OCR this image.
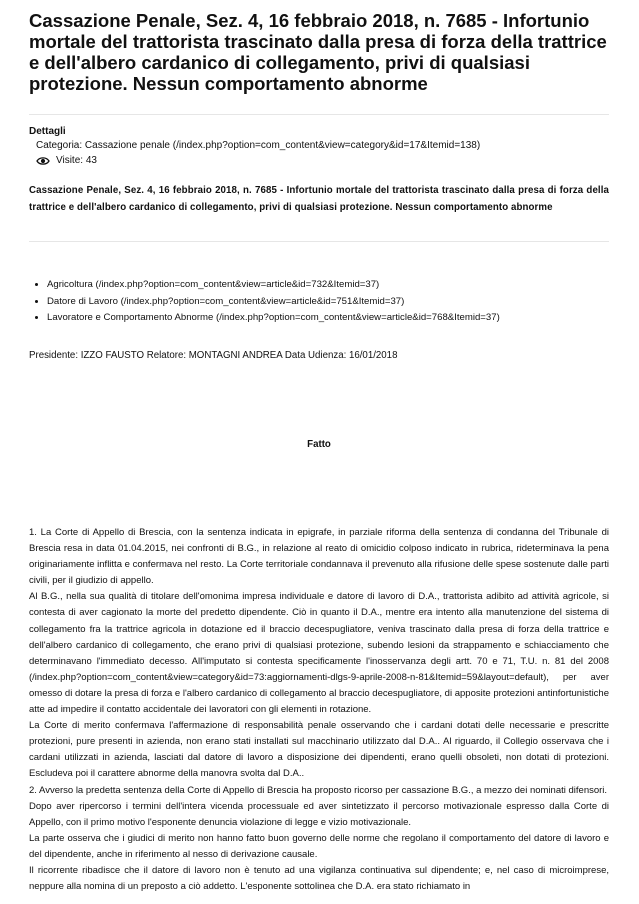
Cassazione Penale, Sez. 4, 16 febbraio 2018, n. 7685 - Infortunio mortale del trattorista trascinato dalla presa di forza della trattrice e dell'albero cardanico di collegamento, privi di qualsiasi protezione. Nessun comportamento abnorme
Dettagli
Categoria: Cassazione penale (/index.php?option=com_content&view=category&id=17&Itemid=138)
Visite: 43
Cassazione Penale, Sez. 4, 16 febbraio 2018, n. 7685 - Infortunio mortale del trattorista trascinato dalla presa di forza della trattrice e dell'albero cardanico di collegamento, privi di qualsiasi protezione. Nessun comportamento abnorme
• Agricoltura (/index.php?option=com_content&view=article&id=732&Itemid=37)
• Datore di Lavoro (/index.php?option=com_content&view=article&id=751&Itemid=37)
• Lavoratore e Comportamento Abnorme (/index.php?option=com_content&view=article&id=768&Itemid=37)
Presidente: IZZO FAUSTO Relatore: MONTAGNI ANDREA Data Udienza: 16/01/2018
Fatto

1. La Corte di Appello di Brescia, con la sentenza indicata in epigrafe, in parziale riforma della sentenza di condanna del Tribunale di Brescia resa in data 01.04.2015, nei confronti di B.G., in relazione al reato di omicidio colposo indicato in rubrica, rideterminava la pena originariamente inflitta e confermava nel resto. La Corte territoriale condannava il prevenuto alla rifusione delle spese sostenute dalle parti civili, per il giudizio di appello.

Al B.G., nella sua qualità di titolare dell'omonima impresa individuale e datore di lavoro di D.A., trattorista adibito ad attività agricole, si contesta di aver cagionato la morte del predetto dipendente. Ciò in quanto il D.A., mentre era intento alla manutenzione del sistema di collegamento fra la trattrice agricola in dotazione ed il braccio decespugliatore, veniva trascinato dalla presa di forza della trattrice e dell'albero cardanico di collegamento, che erano privi di qualsiasi protezione, subendo lesioni da strappamento e schiacciamento che determinavano l'immediato decesso. All'imputato si contesta specificamente l'inosservanza degli artt. 70 e 71, T.U. n. 81 del 2008 (/index.php?option=com_content&view=category&id=73:aggiornamenti-dlgs-9-aprile-2008-n-81&Itemid=59&layout=default), per aver omesso di dotare la presa di forza e l'albero cardanico di collegamento al braccio decespugliatore, di apposite protezioni antinfortunistiche atte ad impedire il contatto accidentale dei lavoratori con gli elementi in rotazione.

La Corte di merito confermava l'affermazione di responsabilità penale osservando che i cardani dotati delle necessarie e prescritte protezioni, pure presenti in azienda, non erano stati installati sul macchinario utilizzato dal D.A.. Al riguardo, il Collegio osservava che i cardani utilizzati in azienda, lasciati dal datore di lavoro a disposizione dei dipendenti, erano quelli obsoleti, non dotati di protezioni. Escludeva poi il carattere abnorme della manovra svolta dal D.A..

2. Avverso la predetta sentenza della Corte di Appello di Brescia ha proposto ricorso per cassazione B.G., a mezzo dei nominati difensori.

Dopo aver ripercorso i termini dell'intera vicenda processuale ed aver sintetizzato il percorso motivazionale espresso dalla Corte di Appello, con il primo motivo l'esponente denuncia violazione di legge e vizio motivazionale.

La parte osserva che i giudici di merito non hanno fatto buon governo delle norme che regolano il comportamento del datore di lavoro e del dipendente, anche in riferimento al nesso di derivazione causale.

Il ricorrente ribadisce che il datore di lavoro non è tenuto ad una vigilanza continuativa sul dipendente; e, nel caso di microimprese, neppure alla nomina di un preposto a ciò addetto. L'esponente sottolinea che D.A. era stato richiamato in
